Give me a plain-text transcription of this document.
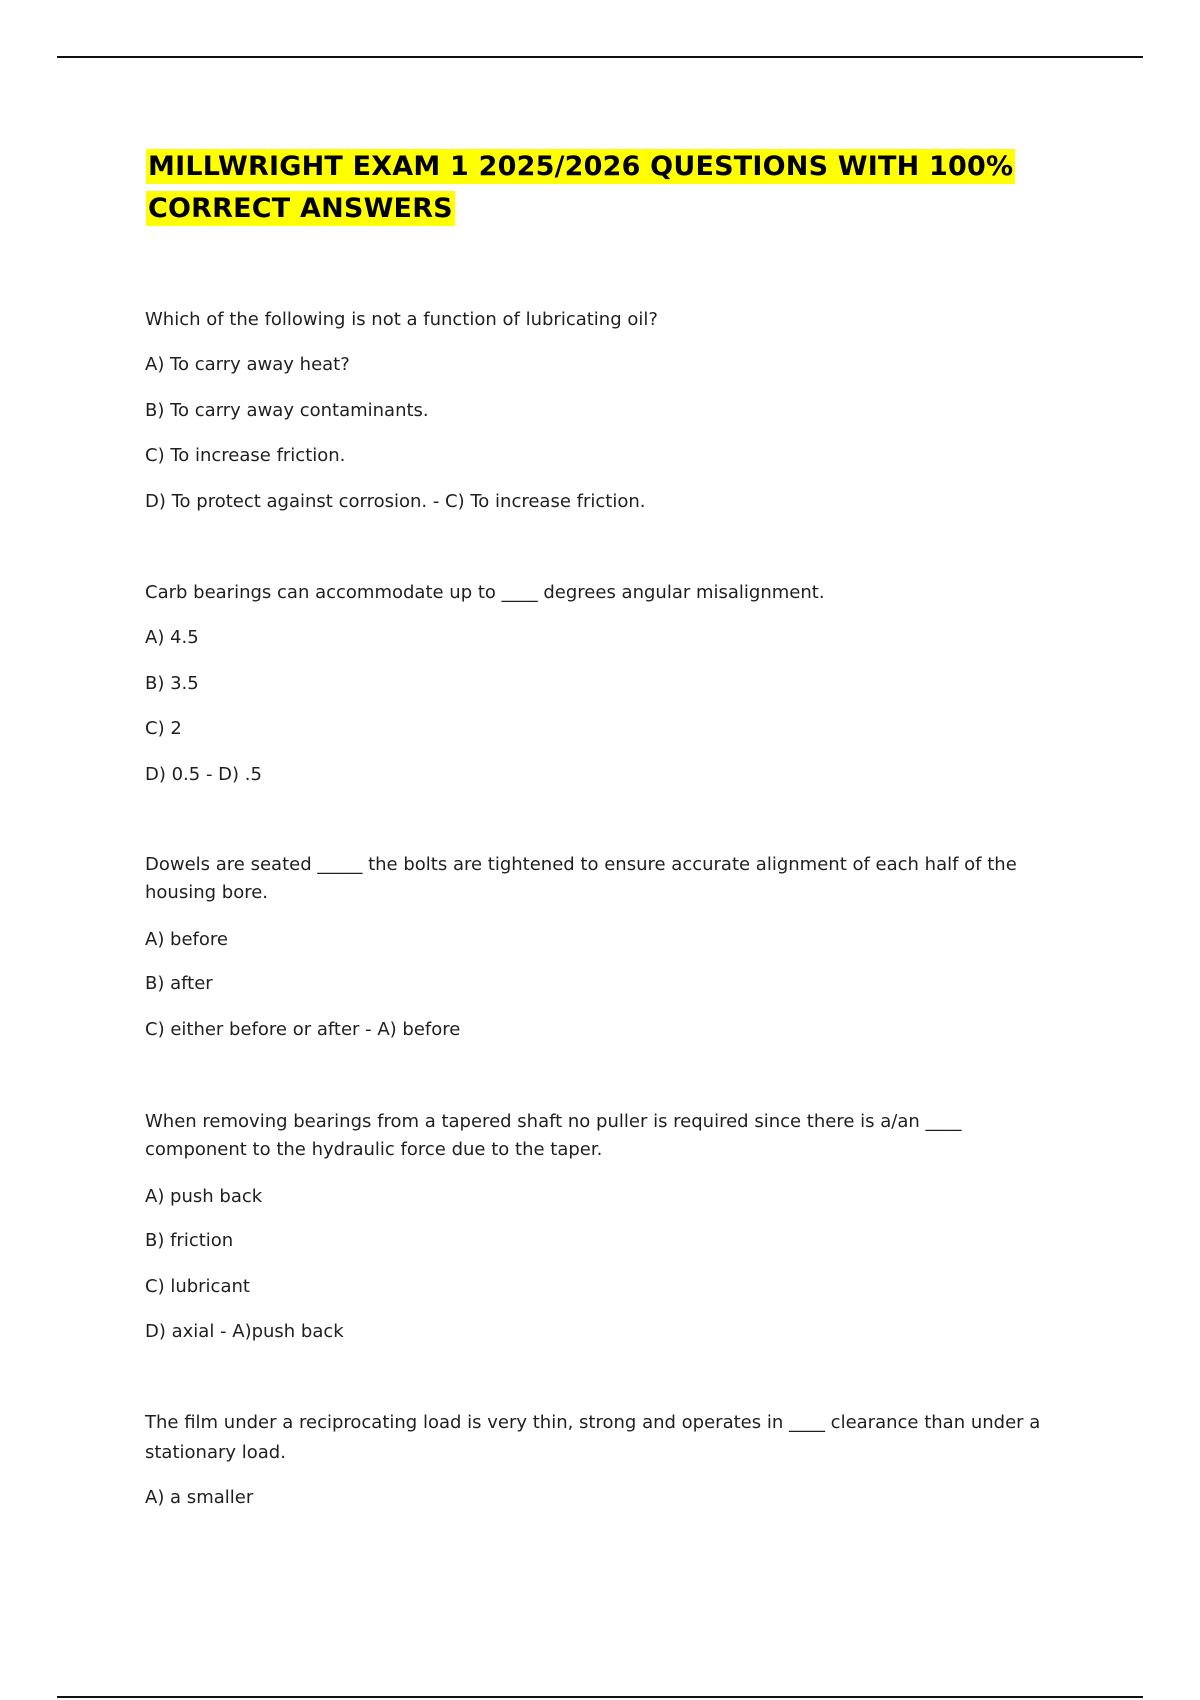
MILLWRIGHT EXAM 1 2025/2026 QUESTIONS WITH 100%
CORRECT ANSWERS

Which of the following is not a function of lubricating oil?

A) To carry away heat?

B) To carry away contaminants.

C) To increase friction.

D) To protect against corrosion. - C) To increase friction.

Carb bearings can accommodate up to ____ degrees angular misalignment.

A) 4.5

B) 3.5

C) 2

D) 0.5 - D) .5

Dowels are seated _____ the bolts are tightened to ensure accurate alignment of each half of the

housing bore.

A) before

B) after

C) either before or after - A) before

When removing bearings from a tapered shaft no puller is required since there is a/an ____

component to the hydraulic force due to the taper.

A) push back

B) friction

C) lubricant

D) axial - A)push back

The film under a reciprocating load is very thin, strong and operates in ____ clearance than under a

stationary load.

A) a smaller
